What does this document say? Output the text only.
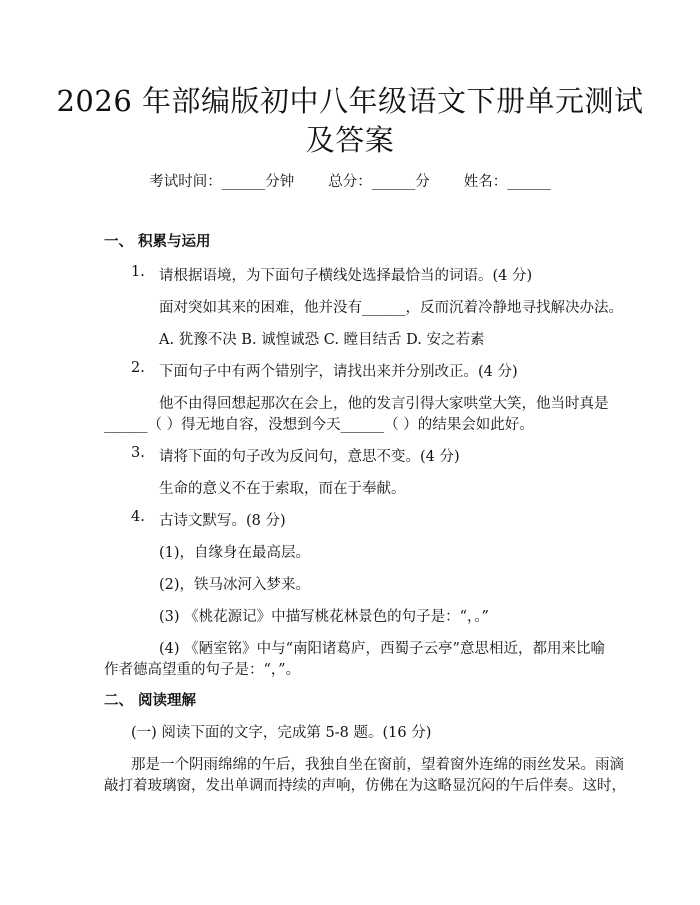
2026 年部编版初中八年级语文下册单元测试
及答案
考试时间：______分钟 总分：______分 姓名：______
一、 积累与运用
1. 请根据语境，为下面句子横线处选择最恰当的词语。(4 分)
面对突如其来的困难，他并没有______，反而沉着冷静地寻找解决办法。
A. 犹豫不决 B. 诚惶诚恐 C. 瞠目结舌 D. 安之若素
2. 下面句子中有两个错别字，请找出来并分别改正。(4 分)
他不由得回想起那次在会上，他的发言引得大家哄堂大笑，他当时真是
______（ ）得无地自容，没想到今天______（ ）的结果会如此好。
3. 请将下面的句子改为反问句，意思不变。(4 分)
生命的意义不在于索取，而在于奉献。
4. 古诗文默写。(8 分)
(1)，自缘身在最高层。
(2)，铁马冰河入梦来。
(3) 《桃花源记》中描写桃花林景色的句子是：“，。”
(4) 《陋室铭》中与“南阳诸葛庐，西蜀子云亭”意思相近，都用来比喻
作者德高望重的句子是：“，”。
二、 阅读理解
(一) 阅读下面的文字，完成第 5-8 题。(16 分)
那是一个阴雨绵绵的午后，我独自坐在窗前，望着窗外连绵的雨丝发呆。雨滴
敲打着玻璃窗，发出单调而持续的声响，仿佛在为这略显沉闷的午后伴奏。这时，
